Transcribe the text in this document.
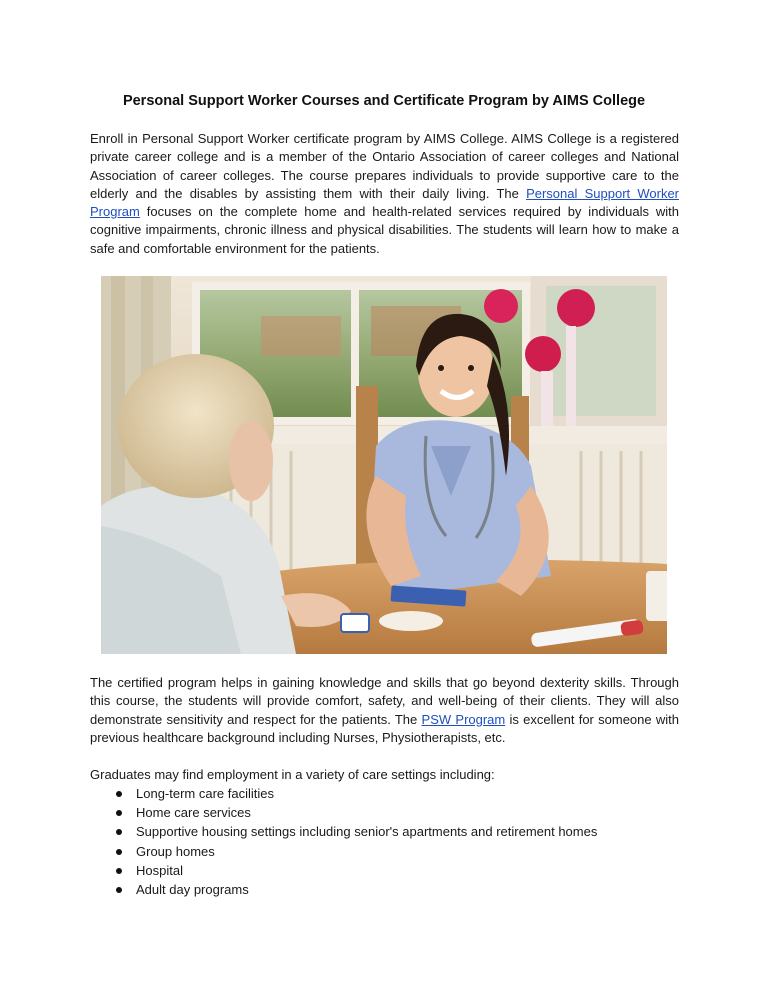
Personal Support Worker Courses and Certificate Program by AIMS College
Enroll in Personal Support Worker certificate program by AIMS College. AIMS College is a registered private career college and is a member of the Ontario Association of career colleges and National Association of career colleges. The course prepares individuals to provide supportive care to the elderly and the disables by assisting them with their daily living. The Personal Support Worker Program focuses on the complete home and health-related services required by individuals with cognitive impairments, chronic illness and physical disabilities. The students will learn how to make a safe and comfortable environment for the patients.
The certified program helps in gaining knowledge and skills that go beyond dexterity skills. Through this course, the students will provide comfort, safety, and well-being of their clients. They will also demonstrate sensitivity and respect for the patients. The PSW Program is excellent for someone with previous healthcare background including Nurses, Physiotherapists, etc.
Graduates may find employment in a variety of care settings including:
Long-term care facilities
Home care services
Supportive housing settings including senior's apartments and retirement homes
Group homes
Hospital
Adult day programs
